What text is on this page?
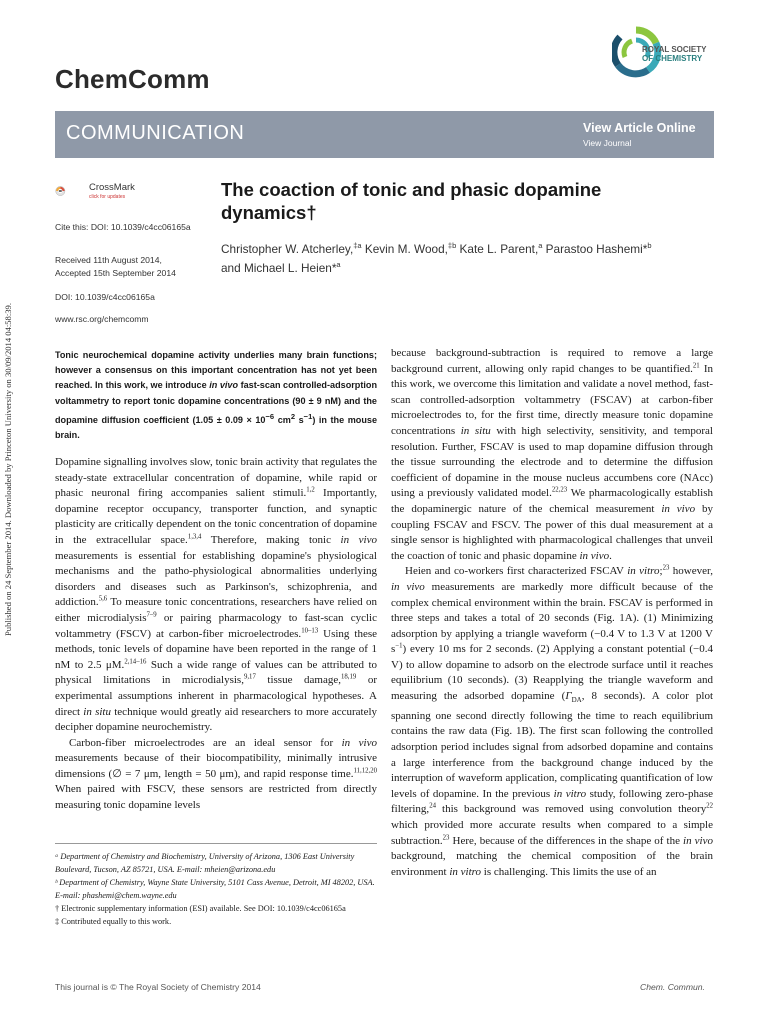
Published on 24 September 2014. Downloaded by Princeton University on 30/09/2014 04:58:39.
ChemComm
ROYAL SOCIETY
OF CHEMISTRY
COMMUNICATION	View Article Online
View Journal
CrossMark
click for updates
Cite this: DOI: 10.1039/c4cc06165a
Received 11th August 2014,
Accepted 15th September 2014
DOI: 10.1039/c4cc06165a
www.rsc.org/chemcomm
The coaction of tonic and phasic dopamine dynamics†
Christopher W. Atcherley,$^{\ddagger a}$ Kevin M. Wood,$^{\ddagger b}$ Kate L. Parent,$^a$ Parastoo Hashemi*$^b$
and Michael L. Heien*$^a$
Tonic neurochemical dopamine activity underlies many brain functions; however a consensus on this important concentration has not yet been reached. In this work, we introduce in vivo fast-scan controlled-adsorption voltammetry to report tonic dopamine concentrations (90 ± 9 nM) and the dopamine diffusion coefficient ($1.05 \pm 0.09 \times 10^{-6}$ $cm^2$ $s^{-1}$) in the mouse brain.

Dopamine signalling involves slow, tonic brain activity that regulates the steady-state extracellular concentration of dopamine, while rapid or phasic neuronal firing accompanies salient stimuli.$^{1,2}$ Importantly, dopamine receptor occupancy, transporter function, and synaptic plasticity are critically dependent on the tonic concentration of dopamine in the extracellular space.$^{1,3,4}$ Therefore, making tonic in vivo measurements is essential for establishing dopamine's physiological mechanisms and the patho-physiological abnormalities underlying disorders and diseases such as Parkinson's, schizophrenia, and addiction.$^{5,6}$ To measure tonic concentrations, researchers have relied on either microdialysis$^{7-9}$ or pairing pharmacology to fast-scan cyclic voltammetry (FSCV) at carbon-fiber microelectrodes.$^{10-13}$ Using these methods, tonic levels of dopamine have been reported in the range of 1 nM to 2.5 μM.$^{2,14-16}$ Such a wide range of values can be attributed to physical limitations in microdialysis,$^{9,17}$ tissue damage,$^{18,19}$ or experimental assumptions inherent in pharmacological hypotheses. A direct in situ technique would greatly aid researchers to more accurately decipher dopamine neurochemistry.

Carbon-fiber microelectrodes are an ideal sensor for in vivo measurements because of their biocompatibility, minimally intrusive dimensions (∅ = 7 μm, length = 50 μm), and rapid response time.$^{11,12,20}$ When paired with FSCV, these sensors are restricted from directly measuring tonic dopamine levels

because background-subtraction is required to remove a large background current, allowing only rapid changes to be quantified.$^{21}$ In this work, we overcome this limitation and validate a novel method, fast-scan controlled-adsorption voltammetry (FSCAV) at carbon-fiber microelectrodes to, for the first time, directly measure tonic dopamine concentrations in situ with high selectivity, sensitivity, and temporal resolution. Further, FSCAV is used to map dopamine diffusion through the tissue surrounding the electrode and to determine the diffusion coefficient of dopamine in the mouse nucleus accumbens core (NAcc) using a previously validated model.$^{22,23}$ We pharmacologically establish the dopaminergic nature of the chemical measurement in vivo by coupling FSCAV and FSCV. The power of this dual measurement at a single sensor is highlighted with pharmacological challenges that unveil the coaction of tonic and phasic dopamine in vivo.

Heien and co-workers first characterized FSCAV in vitro;$^{23}$ however, in vivo measurements are markedly more difficult because of the complex chemical environment within the brain. FSCAV is performed in three steps and takes a total of 20 seconds (Fig. 1A). (1) Minimizing adsorption by applying a triangle waveform (−0.4 V to 1.3 V at 1200 V $s^{-1}$) every 10 ms for 2 seconds. (2) Applying a constant potential (−0.4 V) to allow dopamine to adsorb on the electrode surface until it reaches equilibrium (10 seconds). (3) Reapplying the triangle waveform and measuring the adsorbed dopamine ($\Gamma_{DA}$, 8 seconds). A color plot spanning one second directly following the time to reach equilibrium contains the raw data (Fig. 1B). The first scan following the controlled adsorption period includes signal from adsorbed dopamine and contains a large interference from the background change induced by the interruption of waveform application, complicating quantification of low levels of dopamine. In the previous in vitro study, following zero-phase filtering,$^{24}$ this background was removed using convolution theory$^{22}$ which provided more accurate results when compared to a simple subtraction.$^{23}$ Here, because of the differences in the shape of the in vivo background, matching the chemical composition of the brain environment in vitro is challenging. This limits the use of an

ᵃ Department of Chemistry and Biochemistry, University of Arizona, 1306 East University Boulevard, Tucson, AZ 85721, USA. E-mail: mheien@arizona.edu

ᵇ Department of Chemistry, Wayne State University, 5101 Cass Avenue, Detroit, MI 48202, USA. E-mail: phashemi@chem.wayne.edu

† Electronic supplementary information (ESI) available. See DOI: 10.1039/c4cc06165a

‡ Contributed equally to this work.

This journal is © The Royal Society of Chemistry 2014	Chem. Commun.
